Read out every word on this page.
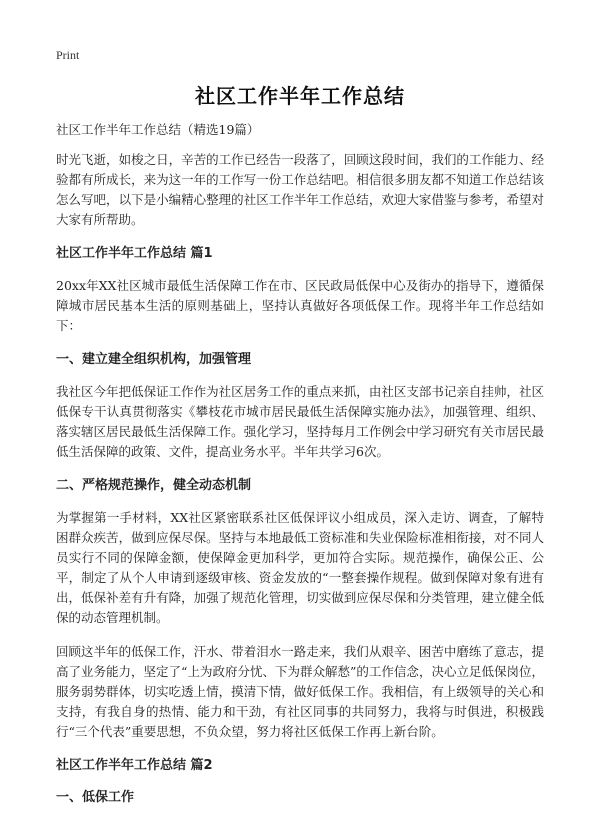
Print
社区工作半年工作总结

社区工作半年工作总结（精选19篇）

时光飞逝，如梭之日，辛苦的工作已经告一段落了，回顾这段时间，我们的工作能力、经验都有所成长，来为这一年的工作写一份工作总结吧。相信很多朋友都不知道工作总结该怎么写吧，以下是小编精心整理的社区工作半年工作总结，欢迎大家借鉴与参考，希望对大家有所帮助。

社区工作半年工作总结 篇1

20xx年XX社区城市最低生活保障工作在市、区民政局低保中心及街办的指导下，遵循保障城市居民基本生活的原则基础上，坚持认真做好各项低保工作。现将半年工作总结如下：

一、建立建全组织机构，加强管理

我社区今年把低保证工作作为社区居务工作的重点来抓，由社区支部书记亲自挂帅，社区低保专干认真贯彻落实《攀枝花市城市居民最低生活保障实施办法》，加强管理、组织、落实辖区居民最低生活保障工作。强化学习，坚持每月工作例会中学习研究有关市居民最低生活保障的政策、文件，提高业务水平。半年共学习6次。

二、严格规范操作，健全动态机制

为掌握第一手材料，XX社区紧密联系社区低保评议小组成员，深入走访、调查，了解特困群众疾苦，做到应保尽保。坚持与本地最低工资标准和失业保险标准相衔接，对不同人员实行不同的保障金额，使保障金更加科学，更加符合实际。规范操作，确保公正、公平，制定了从个人申请到逐级审核、资金发放的“一整套操作规程。做到保障对象有进有出，低保补差有升有降，加强了规范化管理，切实做到应保尽保和分类管理，建立健全低保的动态管理机制。

回顾这半年的低保工作，汗水、带着泪水一路走来，我们从艰辛、困苦中磨练了意志，提高了业务能力，坚定了“上为政府分忧、下为群众解愁”的工作信念，决心立足低保岗位，服务弱势群体，切实吃透上情，摸清下情，做好低保工作。我相信，有上级领导的关心和支持，有我自身的热情、能力和干劲，有社区同事的共同努力，我将与时俱进，积极践行“三个代表”重要思想，不负众望，努力将社区低保工作再上新台阶。

社区工作半年工作总结 篇2
一、低保工作
